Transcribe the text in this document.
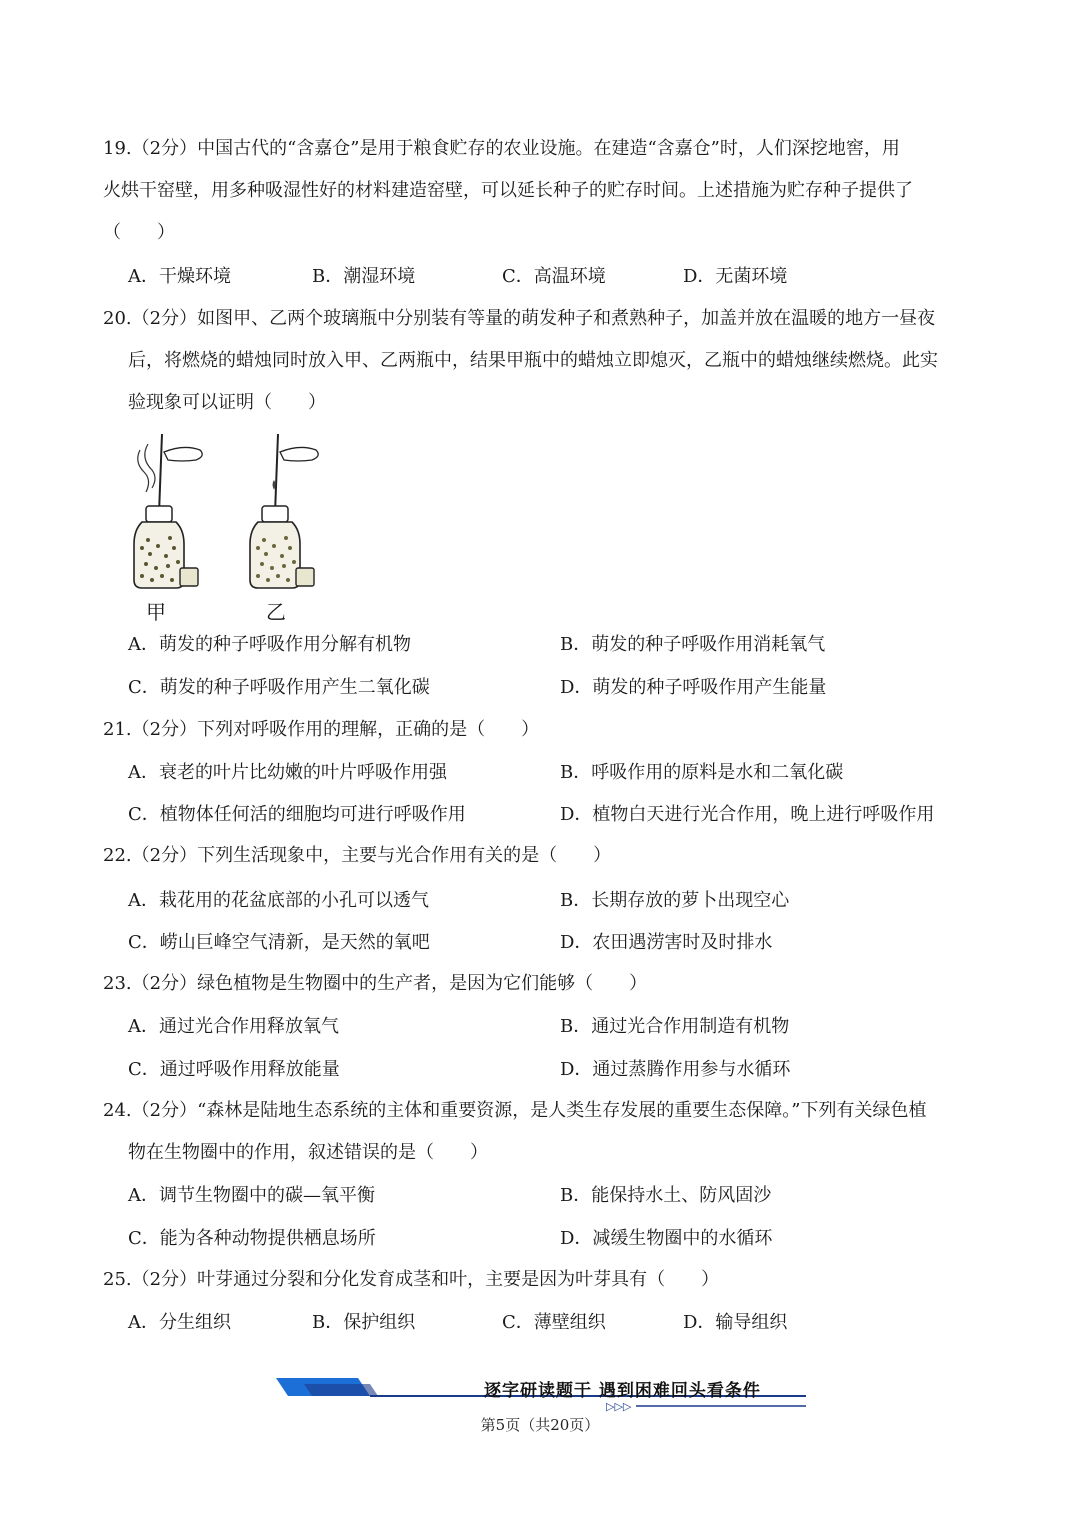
19.（2分）中国古代的“含嘉仓”是用于粮食贮存的农业设施。在建造“含嘉仓”时，人们深挖地窖，用
火烘干窑壁，用多种吸湿性好的材料建造窑壁，可以延长种子的贮存时间。上述措施为贮存种子提供了
（　　）
A．干燥环境	B．潮湿环境	C．高温环境	D．无菌环境
20.（2分）如图甲、乙两个玻璃瓶中分别装有等量的萌发种子和煮熟种子，加盖并放在温暖的地方一昼夜
后，将燃烧的蜡烛同时放入甲、乙两瓶中，结果甲瓶中的蜡烛立即熄灭，乙瓶中的蜡烛继续燃烧。此实
验现象可以证明（　　）
甲	乙
A．萌发的种子呼吸作用分解有机物	B．萌发的种子呼吸作用消耗氧气
C．萌发的种子呼吸作用产生二氧化碳	D．萌发的种子呼吸作用产生能量
21.（2分）下列对呼吸作用的理解，正确的是（　　）
A．衰老的叶片比幼嫩的叶片呼吸作用强	B．呼吸作用的原料是水和二氧化碳
C．植物体任何活的细胞均可进行呼吸作用	D．植物白天进行光合作用，晚上进行呼吸作用
22.（2分）下列生活现象中，主要与光合作用有关的是（　　）
A．栽花用的花盆底部的小孔可以透气	B．长期存放的萝卜出现空心
C．崂山巨峰空气清新，是天然的氧吧	D．农田遇涝害时及时排水
23.（2分）绿色植物是生物圈中的生产者，是因为它们能够（　　）
A．通过光合作用释放氧气	B．通过光合作用制造有机物
C．通过呼吸作用释放能量	D．通过蒸腾作用参与水循环
24.（2分）“森林是陆地生态系统的主体和重要资源，是人类生存发展的重要生态保障。”下列有关绿色植
物在生物圈中的作用，叙述错误的是（　　）
A．调节生物圈中的碳—氧平衡	B．能保持水土、防风固沙
C．能为各种动物提供栖息场所	D．减缓生物圈中的水循环
25.（2分）叶芽通过分裂和分化发育成茎和叶，主要是因为叶芽具有（　　）
A．分生组织	B．保护组织	C．薄壁组织	D．输导组织
逐字研读题干 遇到困难回头看条件
▷▷▷
第5页（共20页）
